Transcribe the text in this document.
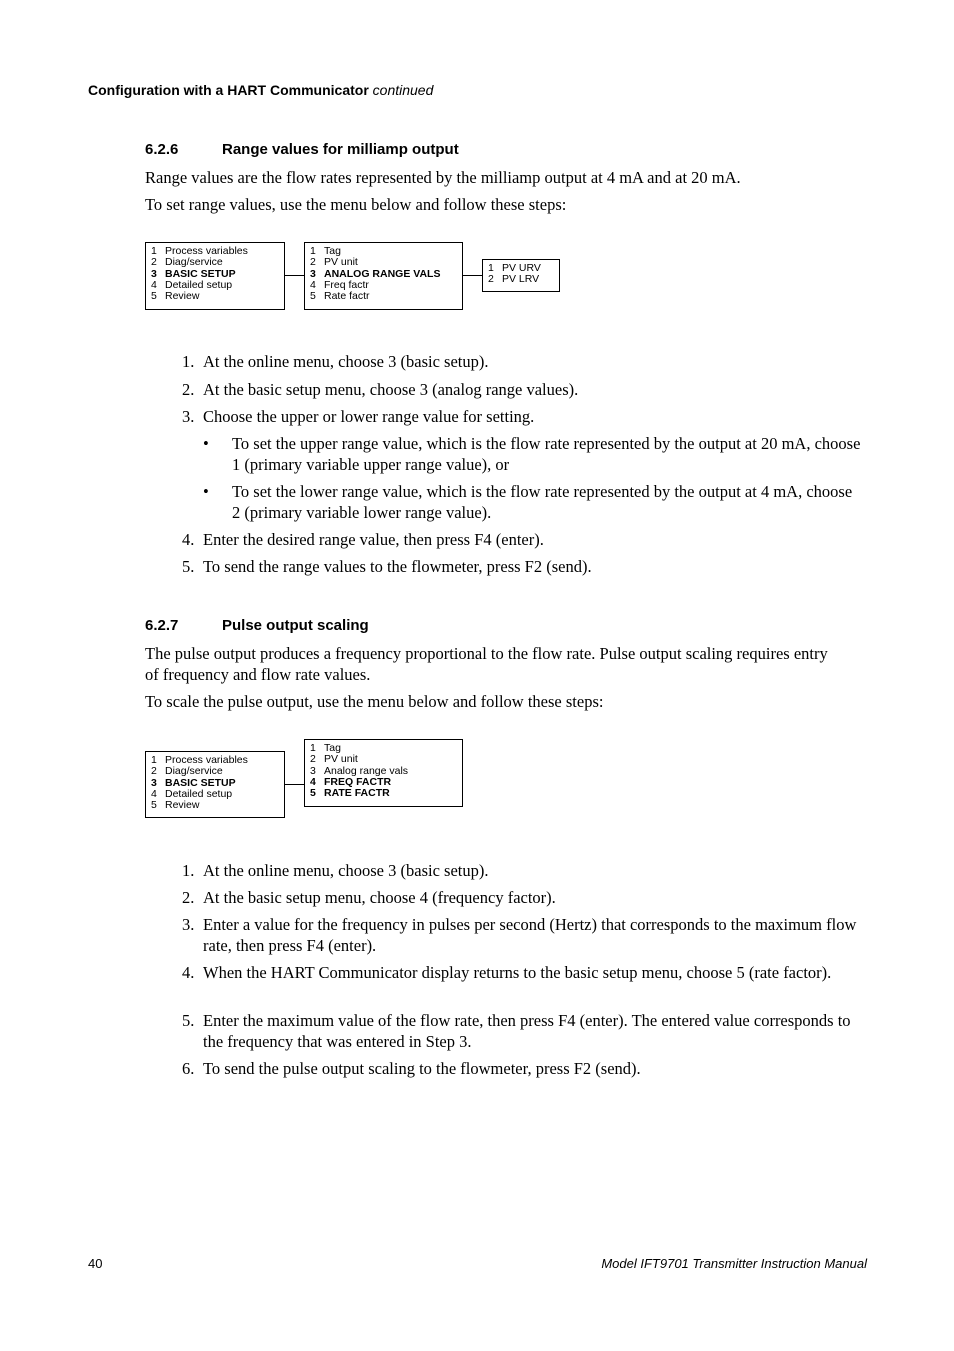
Configuration with a HART Communicator continued
6.2.6	Range values for milliamp output
Range values are the flow rates represented by the milliamp output at 4 mA and at 20 mA.
To set range values, use the menu below and follow these steps:
1 Process variables
2 Diag/service
3 BASIC SETUP
4 Detailed setup
5 Review
1 Tag
2 PV unit
3 ANALOG RANGE VALS
4 Freq factr
5 Rate factr
1 PV URV
2 PV LRV
1. At the online menu, choose 3 (basic setup).
2. At the basic setup menu, choose 3 (analog range values).
3. Choose the upper or lower range value for setting.
• To set the upper range value, which is the flow rate represented by the output at 20 mA, choose 1 (primary variable upper range value), or
• To set the lower range value, which is the flow rate represented by the output at 4 mA, choose 2 (primary variable lower range value).
4. Enter the desired range value, then press F4 (enter).
5. To send the range values to the flowmeter, press F2 (send).
6.2.7	Pulse output scaling
The pulse output produces a frequency proportional to the flow rate. Pulse output scaling requires entry of frequency and flow rate values.
To scale the pulse output, use the menu below and follow these steps:
1 Process variables
2 Diag/service
3 BASIC SETUP
4 Detailed setup
5 Review
1 Tag
2 PV unit
3 Analog range vals
4 FREQ FACTR
5 RATE FACTR
1. At the online menu, choose 3 (basic setup).
2. At the basic setup menu, choose 4 (frequency factor).
3. Enter a value for the frequency in pulses per second (Hertz) that corresponds to the maximum flow rate, then press F4 (enter).
4. When the HART Communicator display returns to the basic setup menu, choose 5 (rate factor).
5. Enter the maximum value of the flow rate, then press F4 (enter). The entered value corresponds to the frequency that was entered in Step 3.
6. To send the pulse output scaling to the flowmeter, press F2 (send).
40	Model IFT9701 Transmitter Instruction Manual
